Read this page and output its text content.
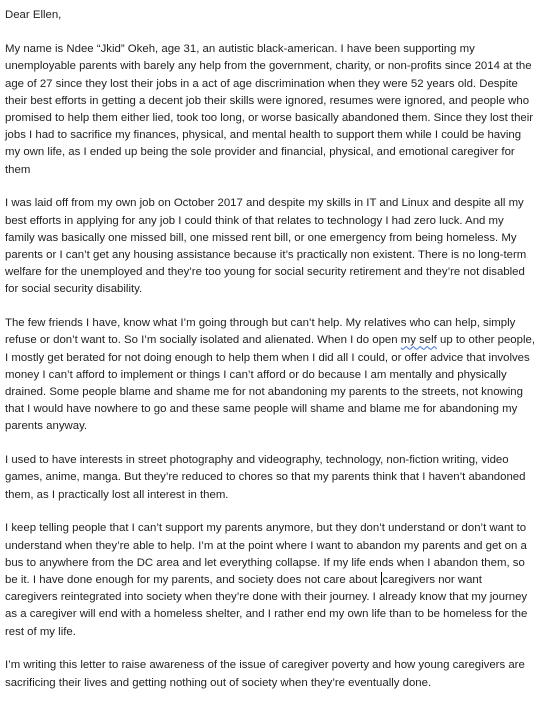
Dear Ellen,

My name is Ndee “Jkid” Okeh, age 31, an autistic black-american. I have been supporting my unemployable parents with barely any help from the government, charity, or non-profits since 2014 at the age of 27 since they lost their jobs in a act of age discrimination when they were 52 years old. Despite their best efforts in getting a decent job their skills were ignored, resumes were ignored, and people who promised to help them either lied, took too long, or worse basically abandoned them. Since they lost their jobs I had to sacrifice my finances, physical, and mental health to support them while I could be having my own life, as I ended up being the sole provider and financial, physical, and emotional caregiver for them

I was laid off from my own job on October 2017 and despite my skills in IT and Linux and despite all my best efforts in applying for any job I could think of that relates to technology I had zero luck. And my family was basically one missed bill, one missed rent bill, or one emergency from being homeless. My parents or I can’t get any housing assistance because it’s practically non existent. There is no long-term welfare for the unemployed and they’re too young for social security retirement and they’re not disabled for social security disability.

The few friends I have, know what I’m going through but can’t help. My relatives who can help, simply refuse or don’t want to. So I’m socially isolated and alienated. When I do open my self up to other people, I mostly get berated for not doing enough to help them when I did all I could, or offer advice that involves money I can’t afford to implement or things I can’t afford or do because I am mentally and physically drained. Some people blame and shame me for not abandoning my parents to the streets, not knowing that I would have nowhere to go and these same people will shame and blame me for abandoning my parents anyway.

I used to have interests in street photography and videography, technology, non-fiction writing, video games, anime, manga. But they’re reduced to chores so that my parents think that I haven’t abandoned them, as I practically lost all interest in them.

I keep telling people that I can’t support my parents anymore, but they don’t understand or don’t want to understand when they’re able to help. I’m at the point where I want to abandon my parents and get on a bus to anywhere from the DC area and let everything collapse. If my life ends when I abandon them, so be it. I have done enough for my parents, and society does not care about caregivers nor want caregivers reintegrated into society when they’re done with their journey. I already know that my journey as a caregiver will end with a homeless shelter, and I rather end my own life than to be homeless for the rest of my life.

I’m writing this letter to raise awareness of the issue of caregiver poverty and how young caregivers are sacrificing their lives and getting nothing out of society when they’re eventually done.
